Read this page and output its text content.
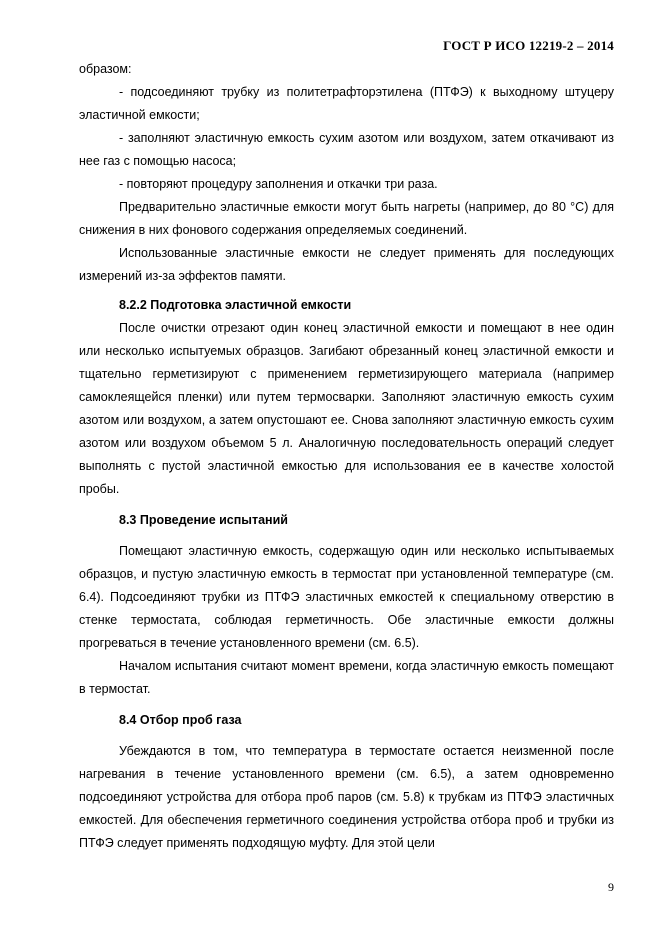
ГОСТ Р ИСО 12219-2 – 2014

образом:

- подсоединяют трубку из политетрафторэтилена (ПТФЭ) к выходному штуцеру эластичной емкости;

- заполняют эластичную емкость сухим азотом или воздухом, затем откачивают из нее газ с помощью насоса;

- повторяют процедуру заполнения и откачки три раза.

Предварительно эластичные емкости могут быть нагреты (например, до 80 °С) для снижения в них фонового содержания определяемых соединений.

Использованные эластичные емкости не следует применять для последующих измерений из-за эффектов памяти.

8.2.2 Подготовка эластичной емкости

После очистки отрезают один конец эластичной емкости и помещают в нее один или несколько испытуемых образцов. Загибают обрезанный конец эластичной емкости и тщательно герметизируют с применением герметизирующего материала (например самоклеящейся пленки) или путем термосварки. Заполняют эластичную емкость сухим азотом или воздухом, а затем опустошают ее. Снова заполняют эластичную емкость сухим азотом или воздухом объемом 5 л. Аналогичную последовательность операций следует выполнять с пустой эластичной емкостью для использования ее в качестве холостой пробы.

8.3 Проведение испытаний

Помещают эластичную емкость, содержащую один или несколько испытываемых образцов, и пустую эластичную емкость в термостат при установленной температуре (см. 6.4). Подсоединяют трубки из ПТФЭ эластичных емкостей к специальному отверстию в стенке термостата, соблюдая герметичность. Обе эластичные емкости должны прогреваться в течение установленного времени (см. 6.5).

Началом испытания считают момент времени, когда эластичную емкость помещают в термостат.

8.4 Отбор проб газа

Убеждаются в том, что температура в термостате остается неизменной после нагревания в течение установленного времени (см. 6.5), а затем одновременно подсоединяют устройства для отбора проб паров (см. 5.8) к трубкам из ПТФЭ эластичных емкостей. Для обеспечения герметичного соединения устройства отбора проб и трубки из ПТФЭ следует применять подходящую муфту. Для этой цели

9
